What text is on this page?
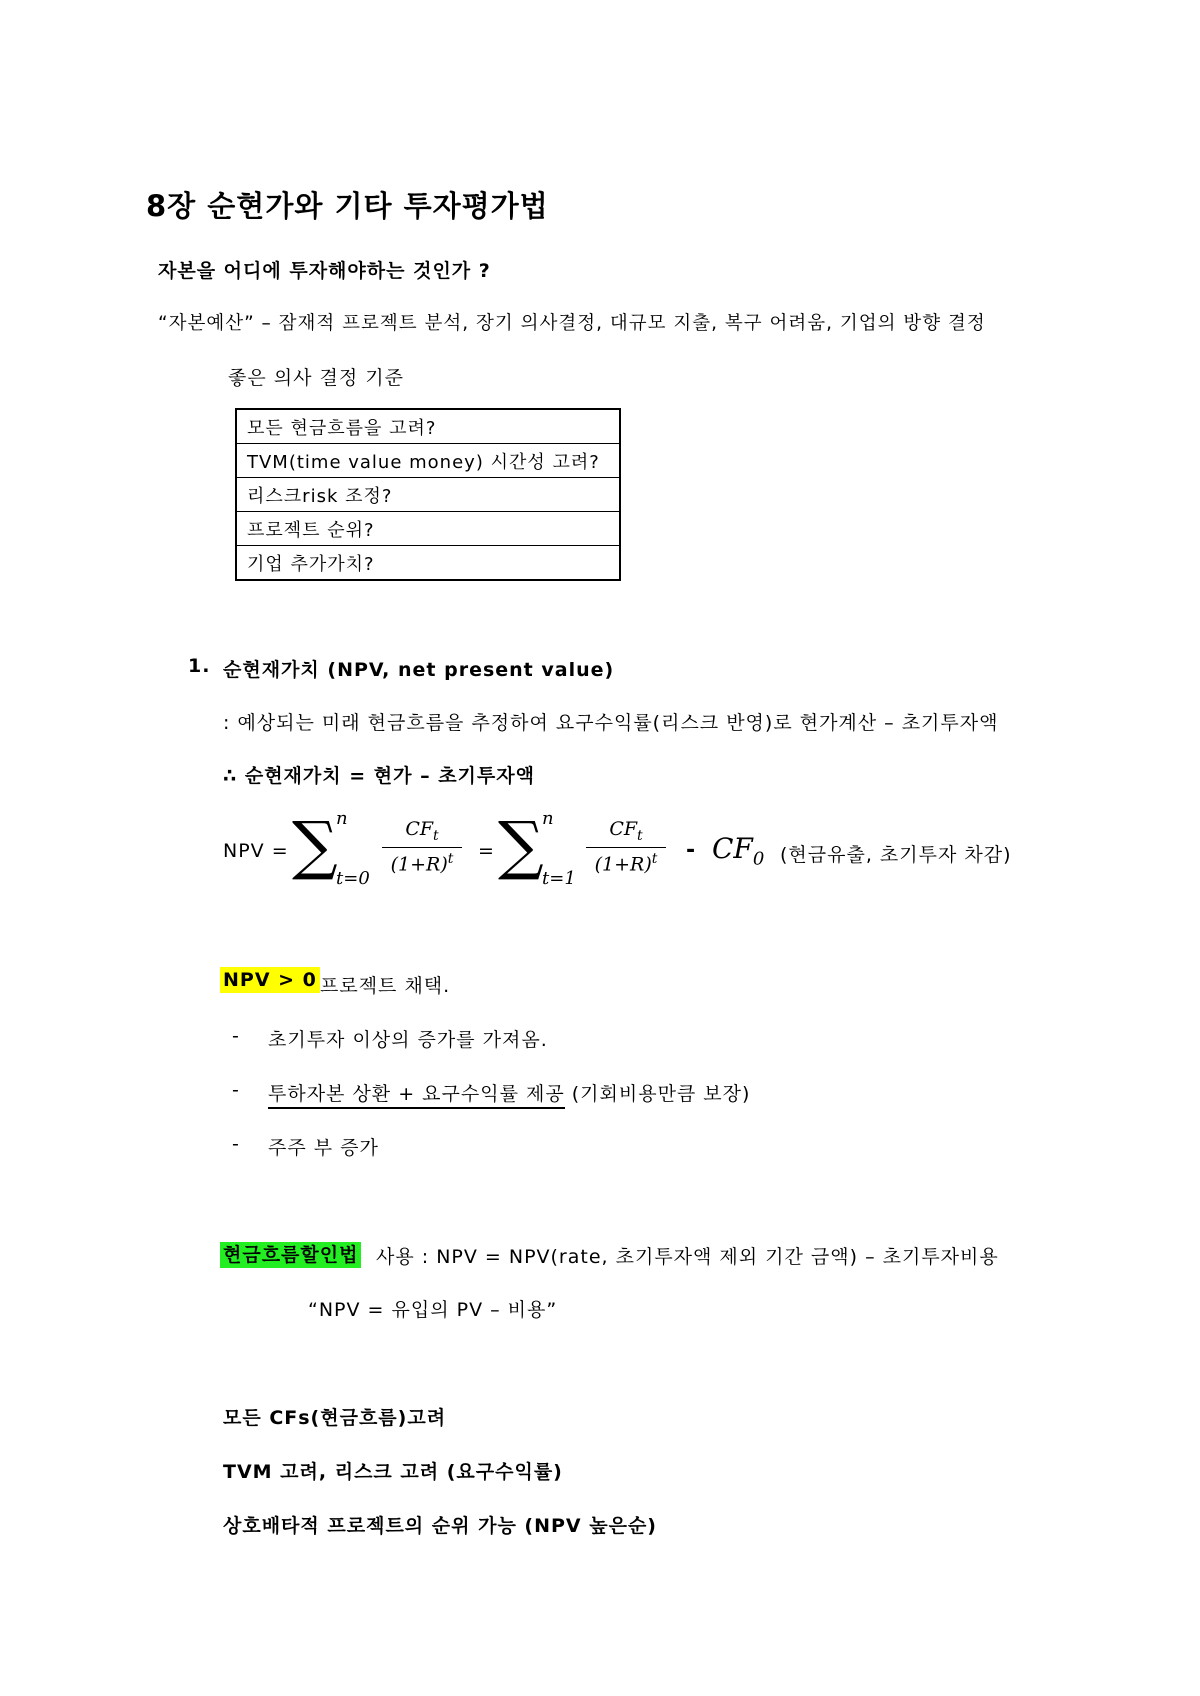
8장 순현가와 기타 투자평가법
자본을 어디에 투자해야하는 것인가 ?
“자본예산” – 잠재적 프로젝트 분석, 장기 의사결정, 대규모 지출, 복구 어려움, 기업의 방향 결정
좋은 의사 결정 기준
모든 현금흐름을 고려?
TVM(time value money) 시간성 고려?
리스크risk 조정?
프로젝트 순위?
기업 추가가치?
1. 순현재가치 (NPV, net present value)
: 예상되는 미래 현금흐름을 추정하여 요구수익률(리스크 반영)로 현가계산 – 초기투자액
∴ 순현재가치 = 현가 – 초기투자액
NPV = ∑
n
t=0
$CF_t$
$(1+R)^t$	= ∑
n
t=1
$CF_t$
$(1+R)^t$	- $CF_0$ (현금유출, 초기투자 차감)
NPV > 0 프로젝트 채택.
- 초기투자 이상의 증가를 가져옴.
- 투하자본 상환 + 요구수익률 제공 (기회비용만큼 보장)
- 주주 부 증가
현금흐름할인법 사용 : NPV = NPV(rate, 초기투자액 제외 기간 금액) – 초기투자비용
“NPV = 유입의 PV – 비용”
모든 CFs(현금흐름)고려
TVM 고려, 리스크 고려 (요구수익률)
상호배타적 프로젝트의 순위 가능 (NPV 높은순)
